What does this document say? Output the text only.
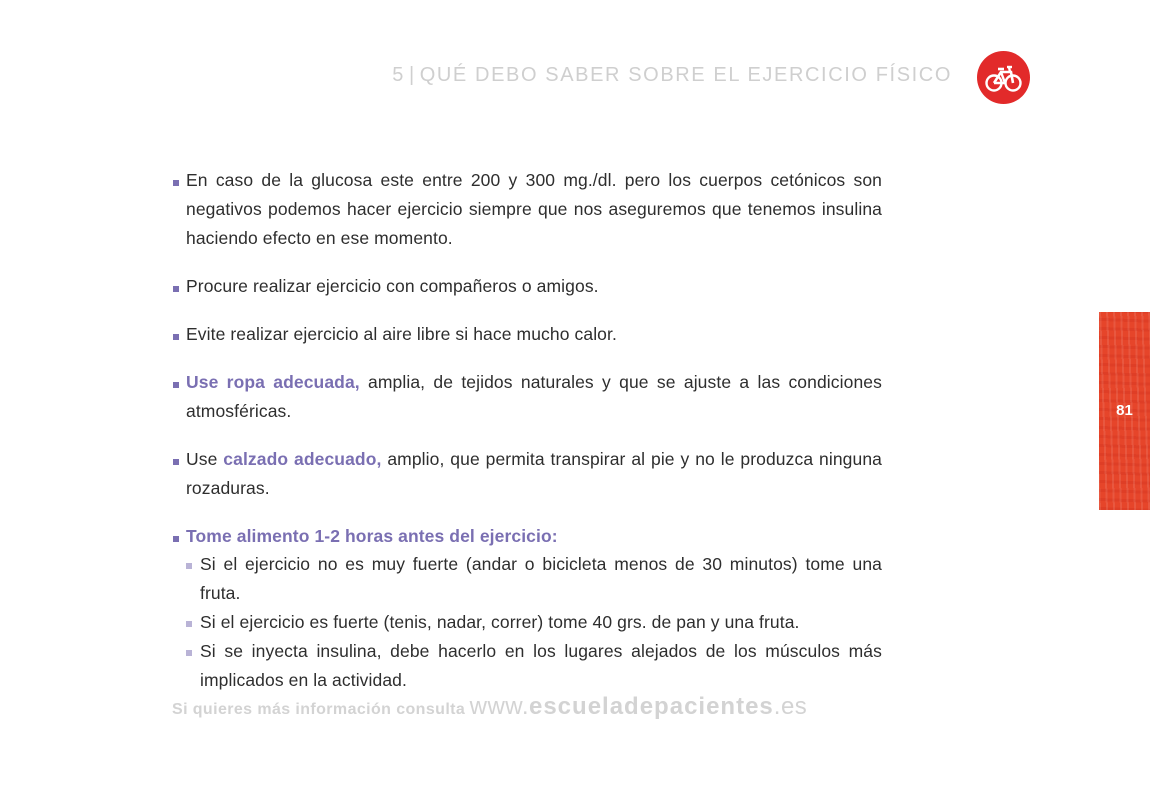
5 | QUÉ DEBO SABER SOBRE EL EJERCICIO FÍSICO
81
En caso de la glucosa este entre 200 y 300 mg./dl. pero los cuerpos cetónicos son negativos podemos hacer ejercicio siempre que nos aseguremos que tenemos insulina haciendo efecto en ese momento.
Procure realizar ejercicio con compañeros o amigos.
Evite realizar ejercicio al aire libre si hace mucho calor.
Use ropa adecuada, amplia, de tejidos naturales y que se ajuste a las condiciones atmosféricas.
Use calzado adecuado, amplio, que permita transpirar al pie y no le produzca ninguna rozaduras.
Tome alimento 1-2 horas antes del ejercicio:
Si el ejercicio no es muy fuerte (andar o bicicleta menos de 30 minutos) tome una fruta.
Si el ejercicio es fuerte (tenis, nadar, correr) tome 40 grs. de pan y una fruta.
Si se inyecta insulina, debe hacerlo en los lugares alejados de los músculos más implicados en la actividad.
Si quieres más información consulta www.escueladepacientes.es
